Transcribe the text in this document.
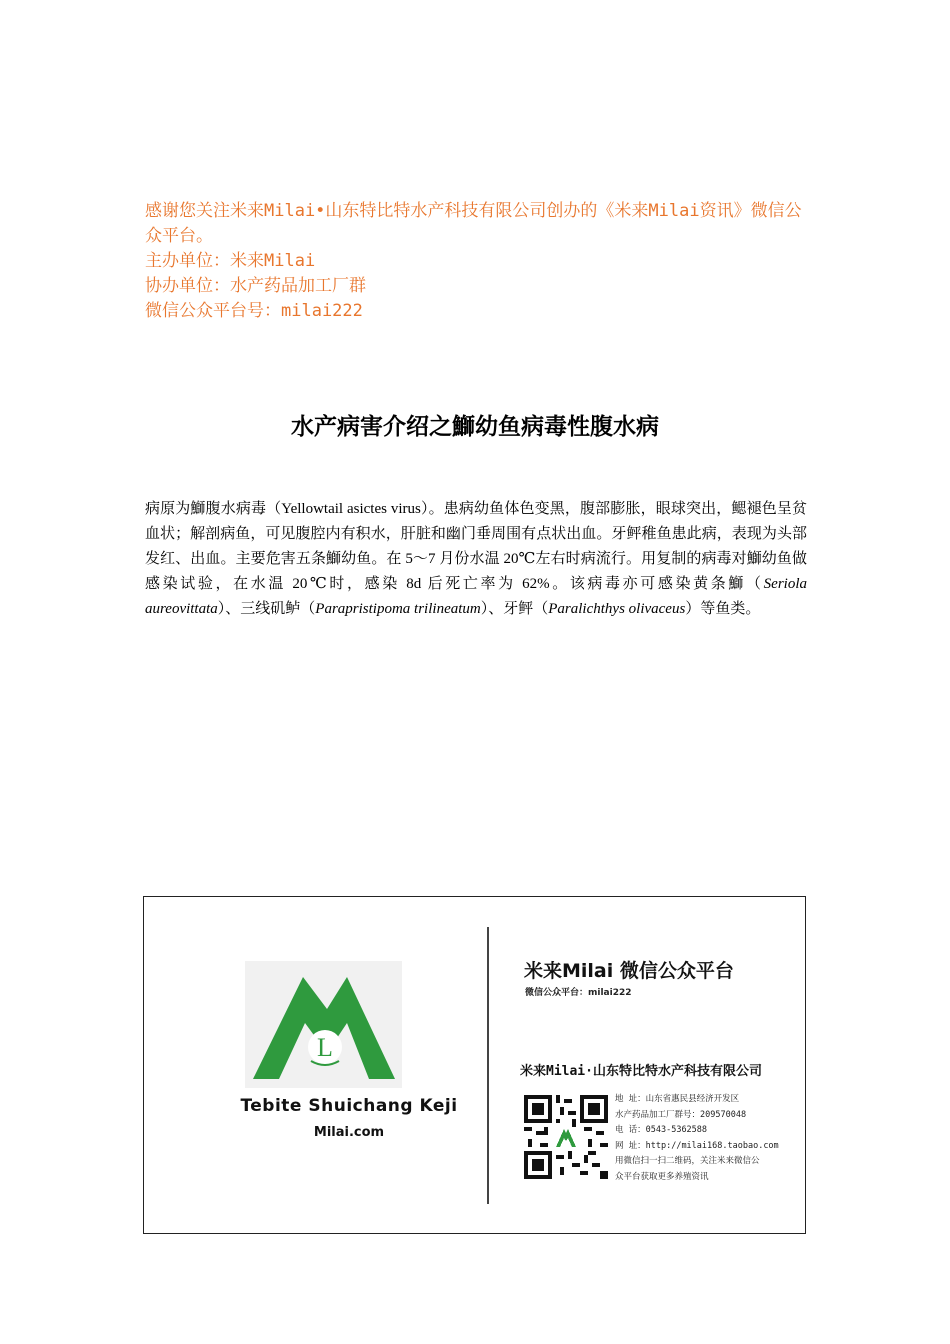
感谢您关注米来Milai•山东特比特水产科技有限公司创办的《米来Milai资讯》微信公众平台。
主办单位：米来Milai
协办单位：水产药品加工厂群
微信公众平台号：milai222
水产病害介绍之鰤幼鱼病毒性腹水病
病原为鰤腹水病毒（Yellowtail asictes virus）。患病幼鱼体色变黑，腹部膨胀，眼球突出，鳃褪色呈贫血状；解剖病鱼，可见腹腔内有积水，肝脏和幽门垂周围有点状出血。牙鲆稚鱼患此病，表现为头部发红、出血。主要危害五条鰤幼鱼。在 5～7 月份水温 20℃左右时病流行。用复制的病毒对鰤幼鱼做感染试验，在水温 20℃时，感染 8d 后死亡率为 62%。该病毒亦可感染黄条鰤（Seriola aureovittata）、三线矶鲈（Parapristipoma trilineatum）、牙鲆（Paralichthys olivaceus）等鱼类。
L
Tebite Shuichang Keji
Milai.com
米来Milai 微信公众平台
微信公众平台：milai222
米来Milai·山东特比特水产科技有限公司
地 址：山东省惠民县经济开发区
水产药品加工厂群号：209570048
电 话：0543-5362588
网 址：http://milai168.taobao.com
用微信扫一扫二维码，关注米来微信公
众平台获取更多养殖资讯
